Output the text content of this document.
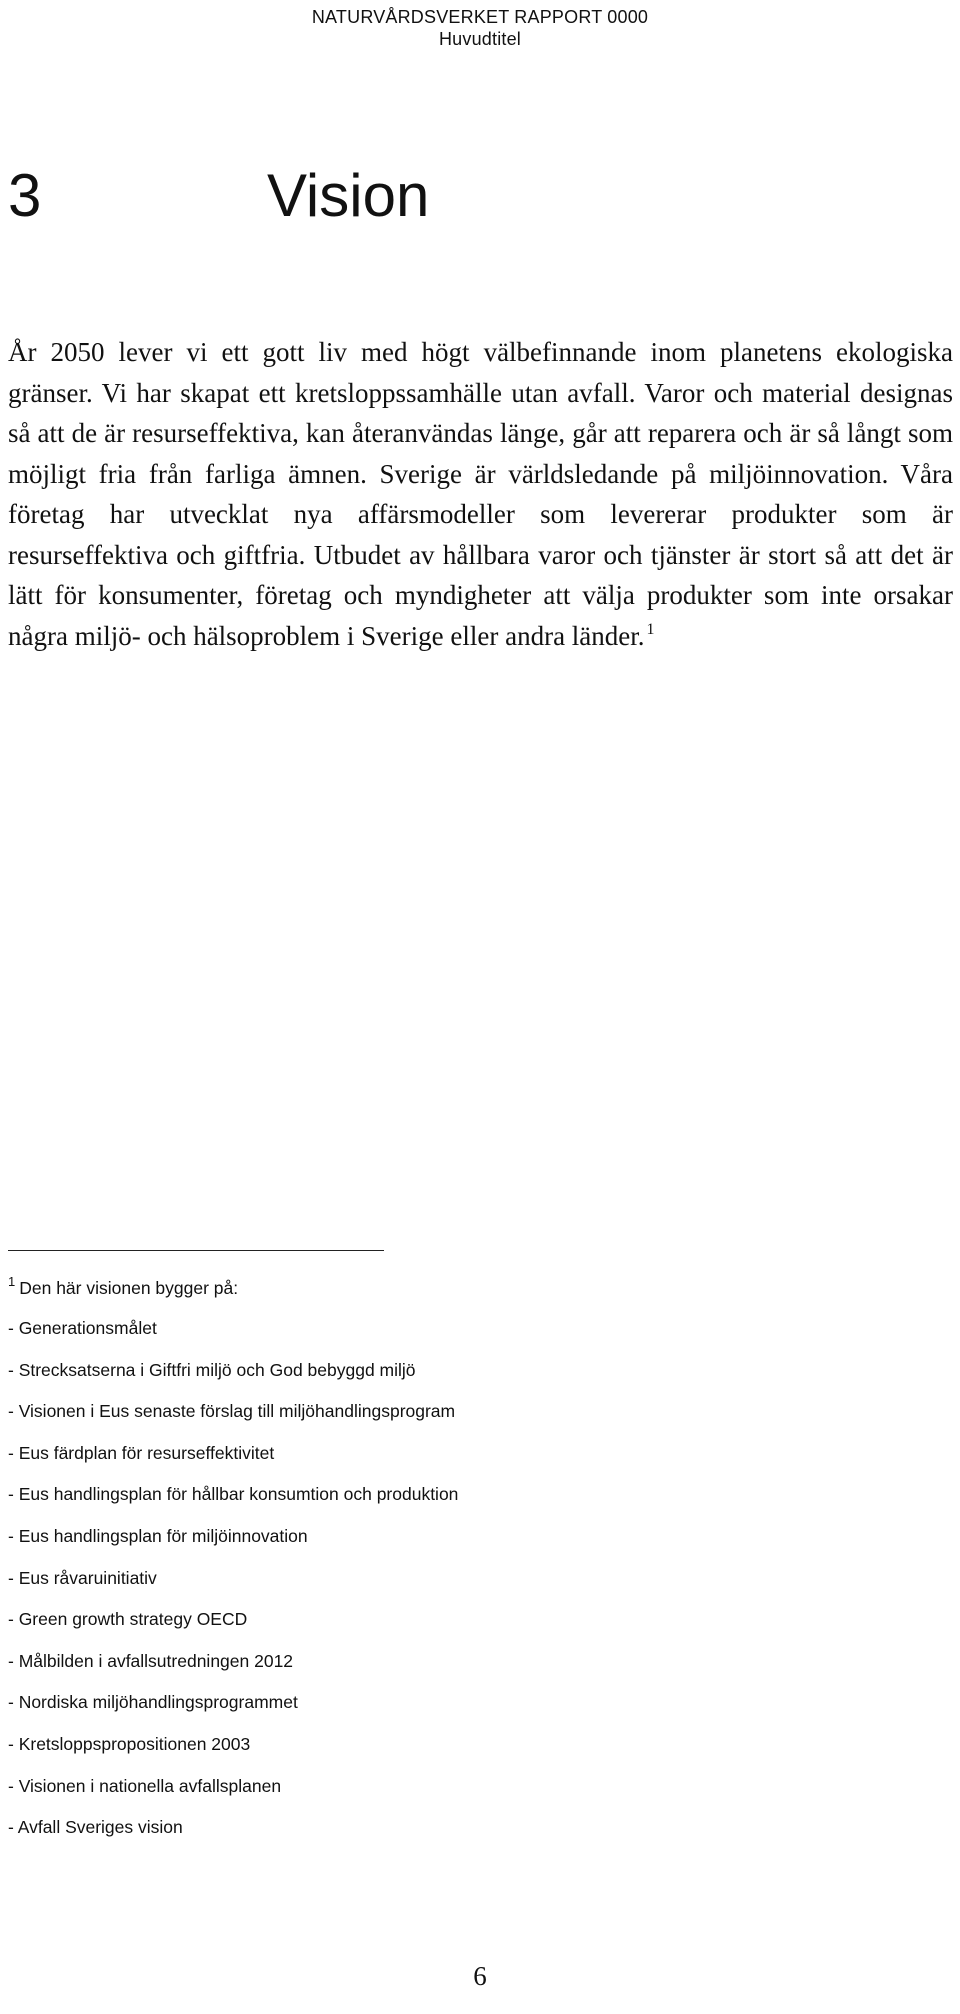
NATURVÅRDSVERKET RAPPORT 0000
Huvudtitel
3	Vision

År 2050 lever vi ett gott liv med högt välbefinnande inom planetens ekologiska gränser. Vi har skapat ett kretsloppssamhälle utan avfall. Varor och material designas så att de är resurseffektiva, kan återanvändas länge, går att reparera och är så långt som möjligt fria från farliga ämnen. Sverige är världsledande på miljöinnovation. Våra företag har utvecklat nya affärsmodeller som levererar produkter som är resurseffektiva och giftfria. Utbudet av hållbara varor och tjänster är stort så att det är lätt för konsumenter, företag och myndigheter att välja produkter som inte orsakar några miljö- och hälsoproblem i Sverige eller andra länder. $^1$

$^1$ Den här visionen bygger på:
- Generationsmålet
- Strecksatserna i Giftfri miljö och God bebyggd miljö
- Visionen i Eus senaste förslag till miljöhandlingsprogram
- Eus färdplan för resurseffektivitet
- Eus handlingsplan för hållbar konsumtion och produktion
- Eus handlingsplan för miljöinnovation
- Eus råvaruinitiativ
- Green growth strategy OECD
- Målbilden i avfallsutredningen 2012
- Nordiska miljöhandlingsprogrammet
- Kretsloppspropositionen 2003
- Visionen i nationella avfallsplanen
- Avfall Sveriges vision
6
